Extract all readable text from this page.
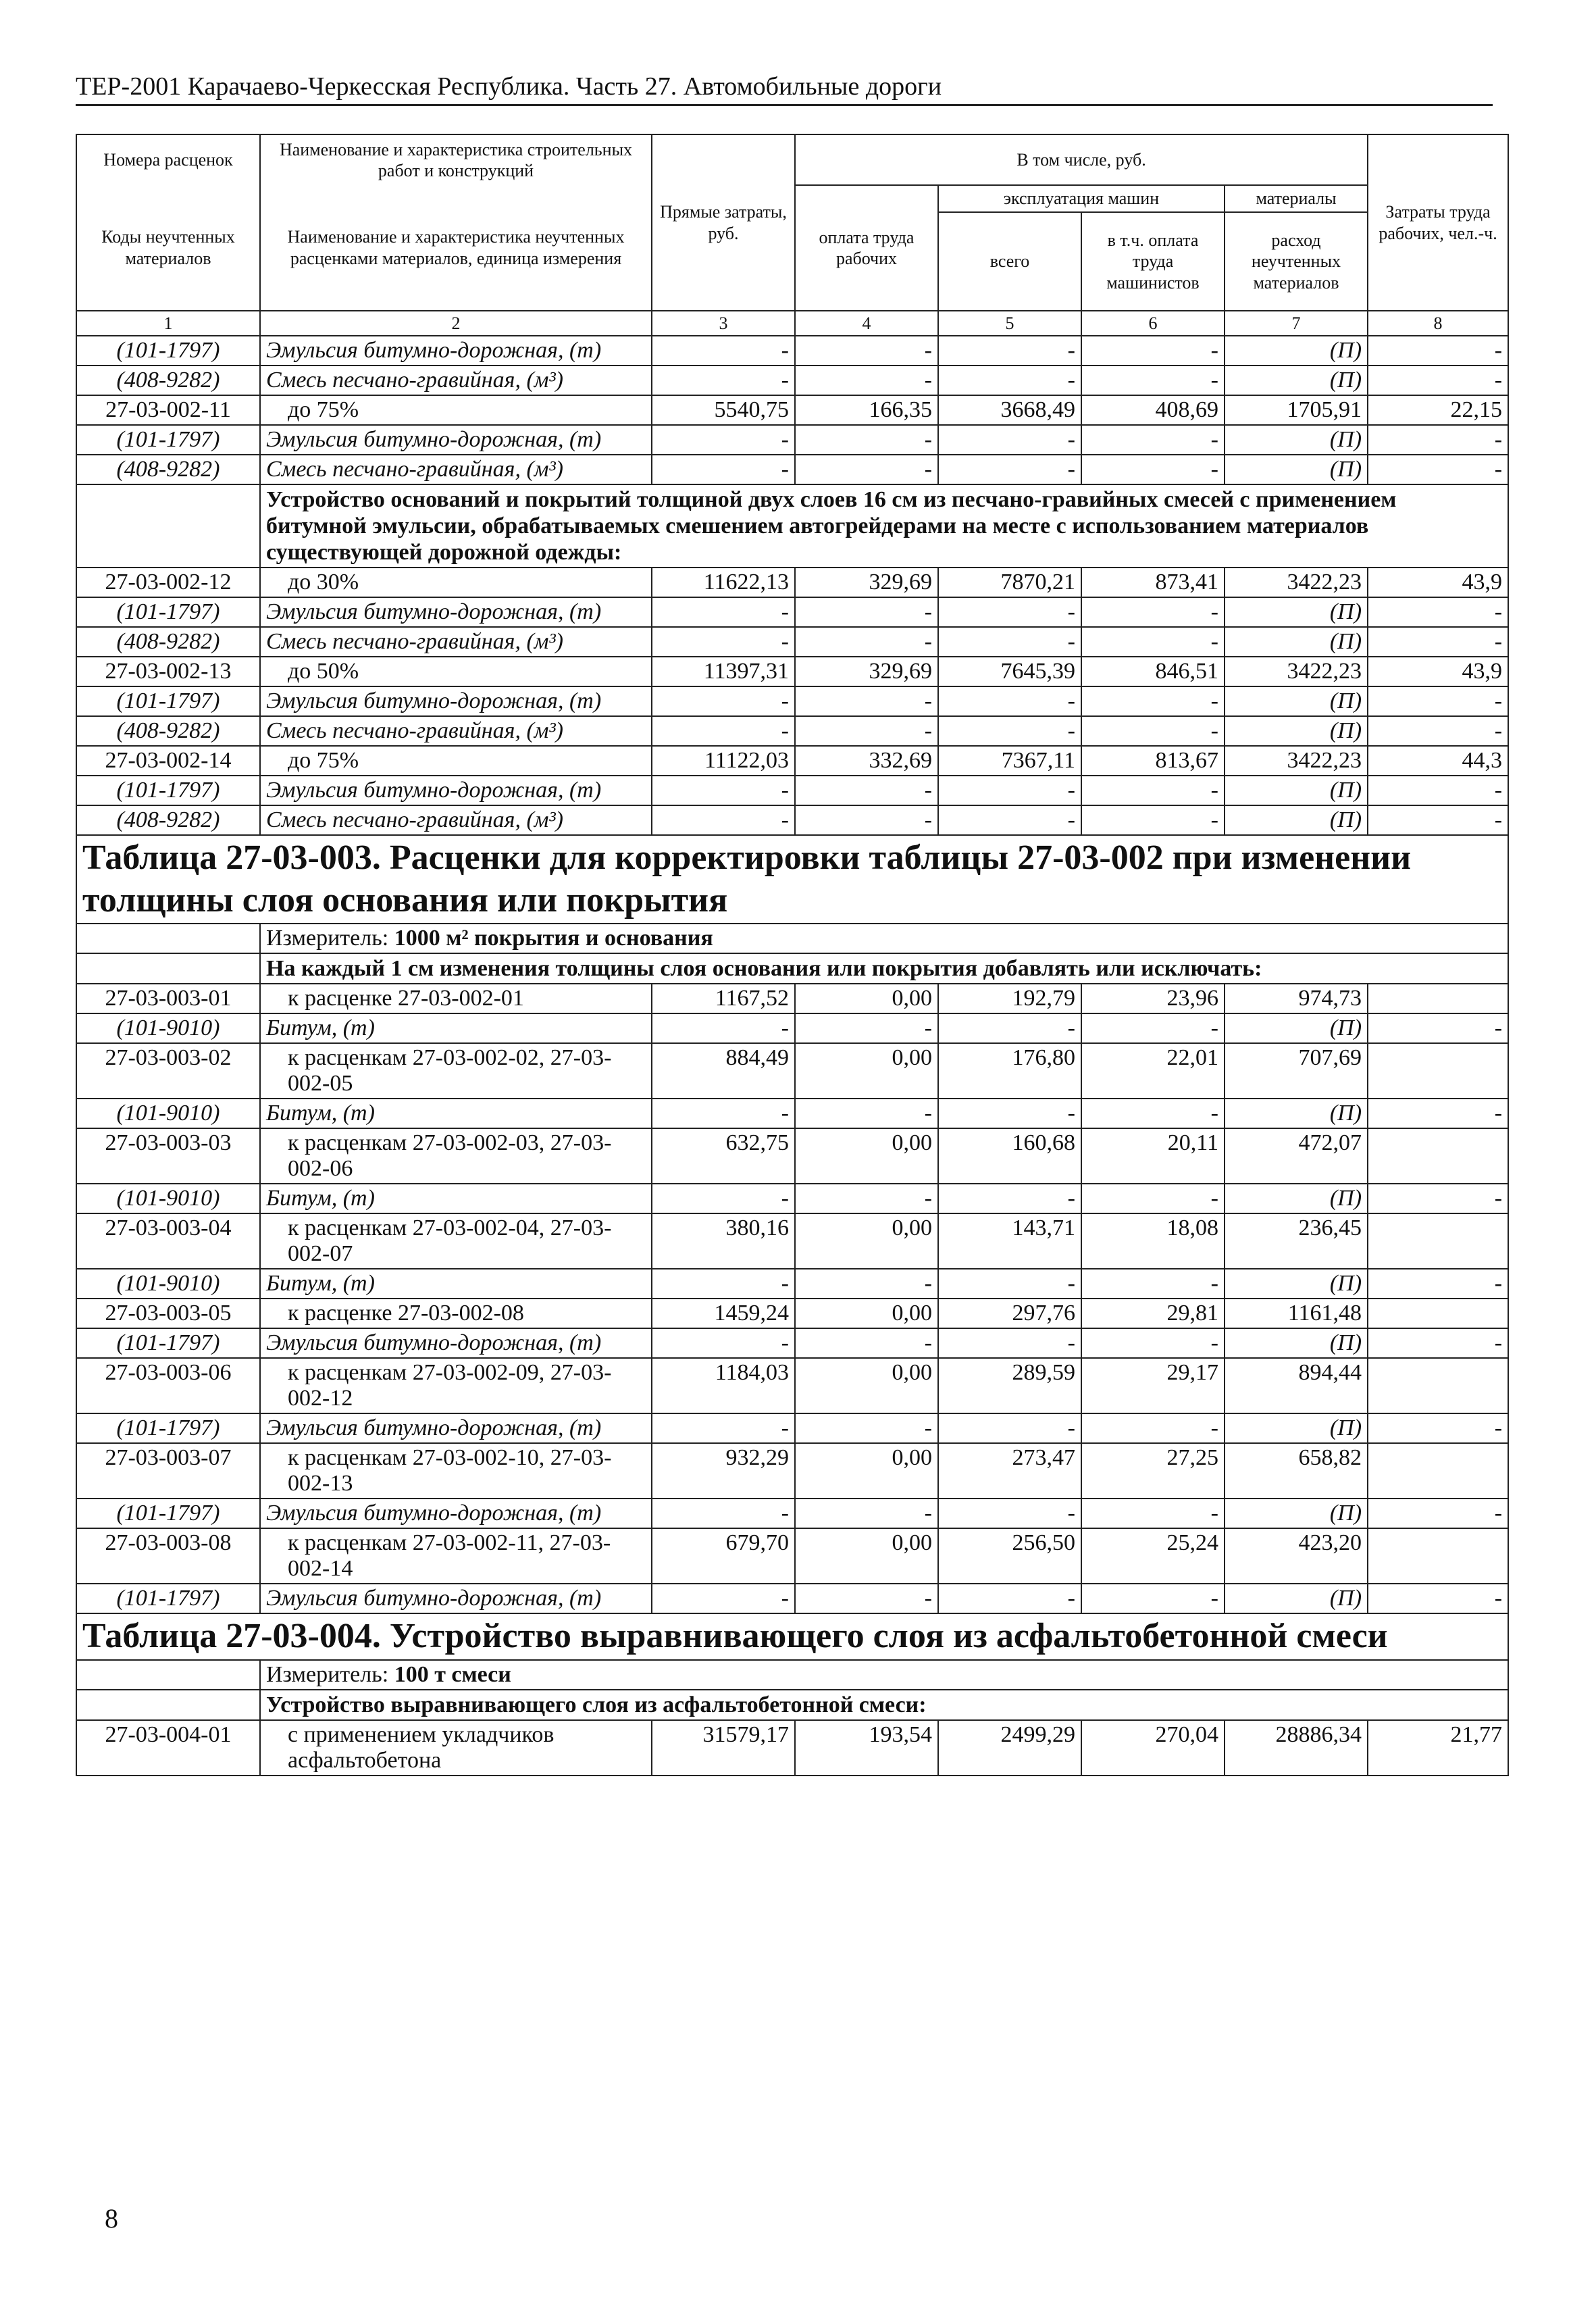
ТЕР-2001 Карачаево-Черкесская Республика. Часть 27. Автомобильные дороги
Номера расценок	Наименование и характеристика строительных работ и конструкций	Прямые затраты, руб.	В том числе, руб.				Затраты труда рабочих, чел.-ч.
Коды неучтенных материалов	Наименование и характеристика неучтенных расценками материалов, единица измерения		оплата труда рабочих	эксплуатация машин		материалы	
				всего	в т.ч. оплата труда машинистов	расход неучтенных материалов	
1	2	3	4	5	6	7	8
(101-1797)	Эмульсия битумно-дорожная, (т)	-	-	-	-	(П)	-
(408-9282)	Смесь песчано-гравийная, (м³)	-	-	-	-	(П)	-
27-03-002-11	до 75%	5540,75	166,35	3668,49	408,69	1705,91	22,15
(101-1797)	Эмульсия битумно-дорожная, (т)	-	-	-	-	(П)	-
(408-9282)	Смесь песчано-гравийная, (м³)	-	-	-	-	(П)	-
	Устройство оснований и покрытий толщиной двух слоев 16 см из песчано-гравийных смесей с применением битумной эмульсии, обрабатываемых смешением автогрейдерами на месте с использованием материалов существующей дорожной одежды:						
27-03-002-12	до 30%	11622,13	329,69	7870,21	873,41	3422,23	43,9
(101-1797)	Эмульсия битумно-дорожная, (т)	-	-	-	-	(П)	-
(408-9282)	Смесь песчано-гравийная, (м³)	-	-	-	-	(П)	-
27-03-002-13	до 50%	11397,31	329,69	7645,39	846,51	3422,23	43,9
(101-1797)	Эмульсия битумно-дорожная, (т)	-	-	-	-	(П)	-
(408-9282)	Смесь песчано-гравийная, (м³)	-	-	-	-	(П)	-
27-03-002-14	до 75%	11122,03	332,69	7367,11	813,67	3422,23	44,3
(101-1797)	Эмульсия битумно-дорожная, (т)	-	-	-	-	(П)	-
(408-9282)	Смесь песчано-гравийная, (м³)	-	-	-	-	(П)	-
Таблица 27-03-003. Расценки для корректировки таблицы 27-03-002 при изменении толщины слоя основания или покрытия							
	Измеритель: 1000 м² покрытия и основания						
	На каждый 1 см изменения толщины слоя основания или покрытия добавлять или исключать:						
27-03-003-01	к расценке 27-03-002-01	1167,52	0,00	192,79	23,96	974,73	
(101-9010)	Битум, (т)	-	-	-	-	(П)	-
27-03-003-02	к расценкам 27-03-002-02, 27-03-002-05	884,49	0,00	176,80	22,01	707,69	
(101-9010)	Битум, (т)	-	-	-	-	(П)	-
27-03-003-03	к расценкам 27-03-002-03, 27-03-002-06	632,75	0,00	160,68	20,11	472,07	
(101-9010)	Битум, (т)	-	-	-	-	(П)	-
27-03-003-04	к расценкам 27-03-002-04, 27-03-002-07	380,16	0,00	143,71	18,08	236,45	
(101-9010)	Битум, (т)	-	-	-	-	(П)	-
27-03-003-05	к расценке 27-03-002-08	1459,24	0,00	297,76	29,81	1161,48	
(101-1797)	Эмульсия битумно-дорожная, (т)	-	-	-	-	(П)	-
27-03-003-06	к расценкам 27-03-002-09, 27-03-002-12	1184,03	0,00	289,59	29,17	894,44	
(101-1797)	Эмульсия битумно-дорожная, (т)	-	-	-	-	(П)	-
27-03-003-07	к расценкам 27-03-002-10, 27-03-002-13	932,29	0,00	273,47	27,25	658,82	
(101-1797)	Эмульсия битумно-дорожная, (т)	-	-	-	-	(П)	-
27-03-003-08	к расценкам 27-03-002-11, 27-03-002-14	679,70	0,00	256,50	25,24	423,20	
(101-1797)	Эмульсия битумно-дорожная, (т)	-	-	-	-	(П)	-
Таблица 27-03-004. Устройство выравнивающего слоя из асфальтобетонной смеси							
	Измеритель: 100 т смеси						
	Устройство выравнивающего слоя из асфальтобетонной смеси:						
27-03-004-01	с применением укладчиков асфальтобетона	31579,17	193,54	2499,29	270,04	28886,34	21,77
8
